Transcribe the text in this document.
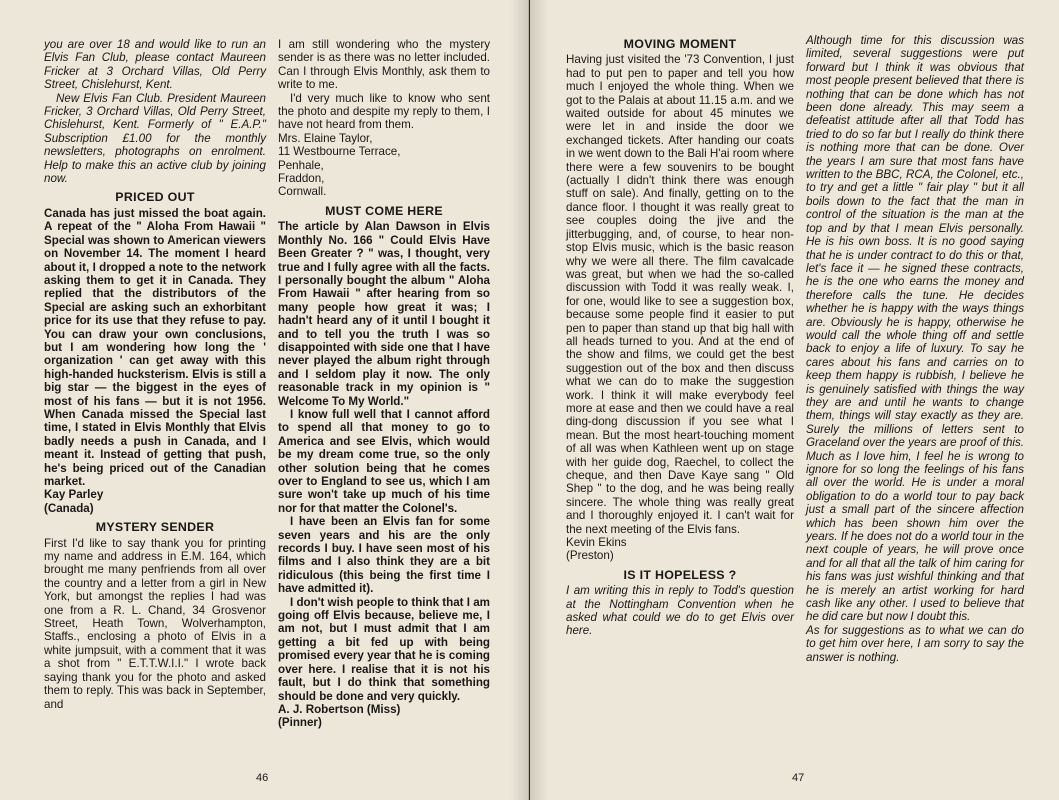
you are over 18 and would like to run an Elvis Fan Club, please contact Maureen Fricker at 3 Orchard Villas, Old Perry Street, Chislehurst, Kent.

New Elvis Fan Club. President Maureen Fricker, 3 Orchard Villas, Old Perry Street, Chislehurst, Kent. Formerly of " E.A.P." Subscription £1.00 for the monthly newsletters, photographs on enrolment. Help to make this an active club by joining now.

PRICED OUT

Canada has just missed the boat again. A repeat of the " Aloha From Hawaii " Special was shown to American viewers on November 14. The moment I heard about it, I dropped a note to the network asking them to get it in Canada. They replied that the distributors of the Special are asking such an exhorbitant price for its use that they refuse to pay. You can draw your own conclusions, but I am wondering how long the ' organization ' can get away with this high-handed hucksterism. Elvis is still a big star — the biggest in the eyes of most of his fans — but it is not 1956. When Canada missed the Special last time, I stated in Elvis Monthly that Elvis badly needs a push in Canada, and I meant it. Instead of getting that push, he's being priced out of the Canadian market.

Kay Parley

(Canada)

MYSTERY SENDER

First I'd like to say thank you for printing my name and address in E.M. 164, which brought me many penfriends from all over the country and a letter from a girl in New York, but amongst the replies I had was one from a R. L. Chand, 34 Grosvenor Street, Heath Town, Wolverhampton, Staffs., enclosing a photo of Elvis in a white jumpsuit, with a comment that it was a shot from " E.T.T.W.I.I." I wrote back saying thank you for the photo and asked them to reply. This was back in September, and

I am still wondering who the mystery sender is as there was no letter included. Can I through Elvis Monthly, ask them to write to me.

I'd very much like to know who sent the photo and despite my reply to them, I have not heard from them.

Mrs. Elaine Taylor,

11 Westbourne Terrace,

Penhale,

Fraddon,

Cornwall.

MUST COME HERE

The article by Alan Dawson in Elvis Monthly No. 166 " Could Elvis Have Been Greater ? " was, I thought, very true and I fully agree with all the facts. I personally bought the album " Aloha From Hawaii " after hearing from so many people how great it was; I hadn't heard any of it until I bought it and to tell you the truth I was so disappointed with side one that I have never played the album right through and I seldom play it now. The only reasonable track in my opinion is " Welcome To My World."

I know full well that I cannot afford to spend all that money to go to America and see Elvis, which would be my dream come true, so the only other solution being that he comes over to England to see us, which I am sure won't take up much of his time nor for that matter the Colonel's.

I have been an Elvis fan for some seven years and his are the only records I buy. I have seen most of his films and I also think they are a bit ridiculous (this being the first time I have admitted it).

I don't wish people to think that I am going off Elvis because, believe me, I am not, but I must admit that I am getting a bit fed up with being promised every year that he is coming over here. I realise that it is not his fault, but I do think that something should be done and very quickly.

A. J. Robertson (Miss)

(Pinner)

46
MOVING MOMENT

Having just visited the '73 Convention, I just had to put pen to paper and tell you how much I enjoyed the whole thing. When we got to the Palais at about 11.15 a.m. and we waited outside for about 45 minutes we were let in and inside the door we exchanged tickets. After handing our coats in we went down to the Bali H'ai room where there were a few souvenirs to be bought (actually I didn't think there was enough stuff on sale). And finally, getting on to the dance floor. I thought it was really great to see couples doing the jive and the jitterbugging, and, of course, to hear non-stop Elvis music, which is the basic reason why we were all there. The film cavalcade was great, but when we had the so-called discussion with Todd it was really weak. I, for one, would like to see a suggestion box, because some people find it easier to put pen to paper than stand up that big hall with all heads turned to you. And at the end of the show and films, we could get the best suggestion out of the box and then discuss what we can do to make the suggestion work. I think it will make everybody feel more at ease and then we could have a real ding-dong discussion if you see what I mean. But the most heart-touching moment of all was when Kathleen went up on stage with her guide dog, Raechel, to collect the cheque, and then Dave Kaye sang " Old Shep " to the dog, and he was being really sincere. The whole thing was really great and I thoroughly enjoyed it. I can't wait for the next meeting of the Elvis fans.

Kevin Ekins

(Preston)

IS IT HOPELESS ?

I am writing this in reply to Todd's question at the Nottingham Convention when he asked what could we do to get Elvis over here.

Although time for this discussion was limited, several suggestions were put forward but I think it was obvious that most people present believed that there is nothing that can be done which has not been done already. This may seem a defeatist attitude after all that Todd has tried to do so far but I really do think there is nothing more that can be done. Over the years I am sure that most fans have written to the BBC, RCA, the Colonel, etc., to try and get a little " fair play " but it all boils down to the fact that the man in control of the situation is the man at the top and by that I mean Elvis personally. He is his own boss. It is no good saying that he is under contract to do this or that, let's face it — he signed these contracts, he is the one who earns the money and therefore calls the tune. He decides whether he is happy with the ways things are. Obviously he is happy, otherwise he would call the whole thing off and settle back to enjoy a life of luxury. To say he cares about his fans and carries on to keep them happy is rubbish, I believe he is genuinely satisfied with things the way they are and until he wants to change them, things will stay exactly as they are. Surely the millions of letters sent to Graceland over the years are proof of this. Much as I love him, I feel he is wrong to ignore for so long the feelings of his fans all over the world. He is under a moral obligation to do a world tour to pay back just a small part of the sincere affection which has been shown him over the years. If he does not do a world tour in the next couple of years, he will prove once and for all that all the talk of him caring for his fans was just wishful thinking and that he is merely an artist working for hard cash like any other. I used to believe that he did care but now I doubt this.

As for suggestions as to what we can do to get him over here, I am sorry to say the answer is nothing.

47
